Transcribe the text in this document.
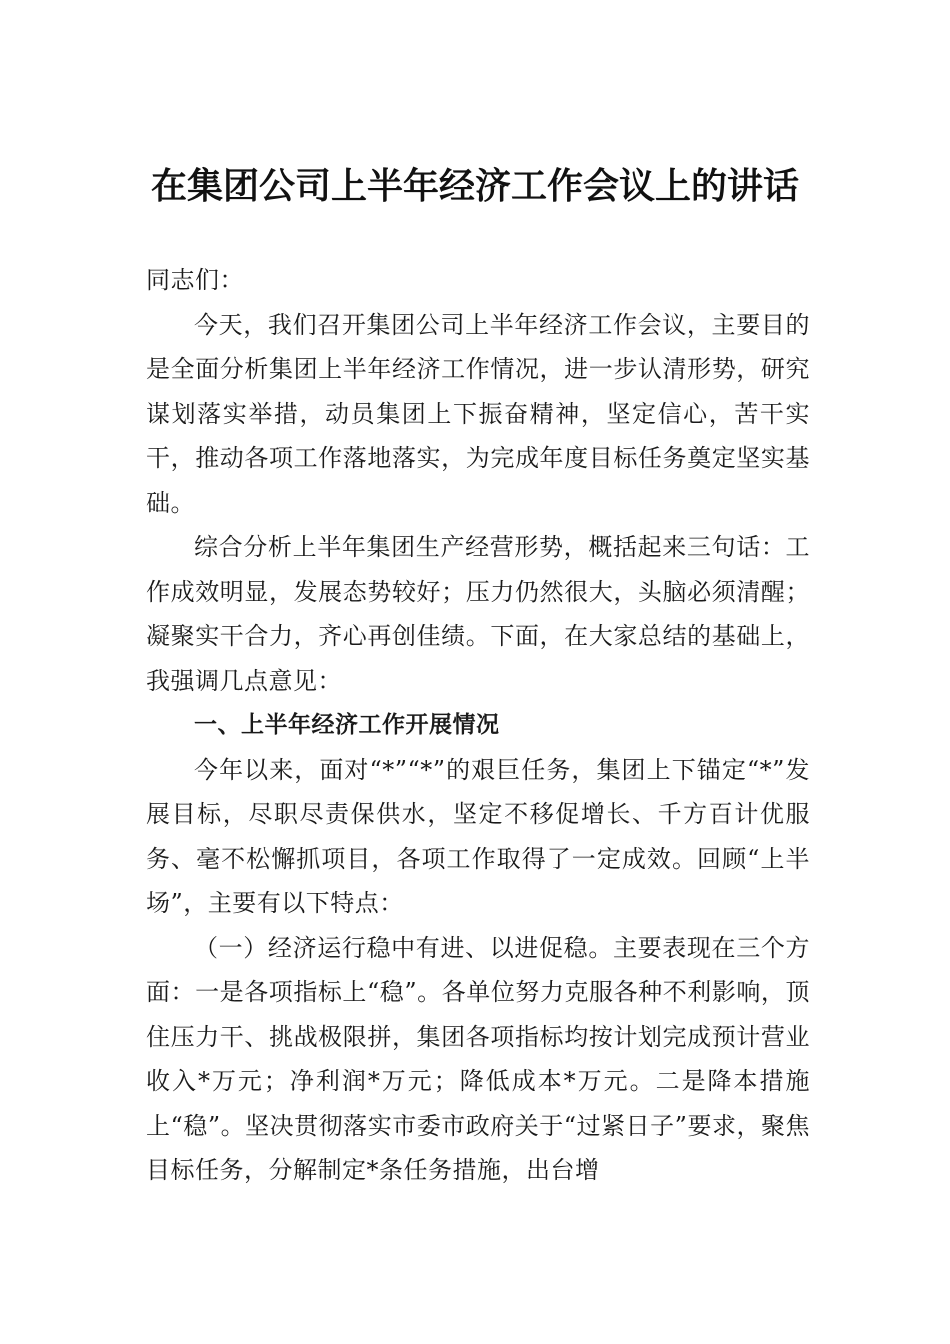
在集团公司上半年经济工作会议上的讲话

同志们：

今天，我们召开集团公司上半年经济工作会议，主要目的是全面分析集团上半年经济工作情况，进一步认清形势，研究谋划落实举措，动员集团上下振奋精神，坚定信心，苦干实干，推动各项工作落地落实，为完成年度目标任务奠定坚实基础。

综合分析上半年集团生产经营形势，概括起来三句话：工作成效明显，发展态势较好；压力仍然很大，头脑必须清醒；凝聚实干合力，齐心再创佳绩。下面，在大家总结的基础上，我强调几点意见：

一、上半年经济工作开展情况

今年以来，面对“*”“*”的艰巨任务，集团上下锚定“*”发展目标，尽职尽责保供水，坚定不移促增长、千方百计优服务、毫不松懈抓项目，各项工作取得了一定成效。回顾“上半场”，主要有以下特点：

（一）经济运行稳中有进、以进促稳。主要表现在三个方面：一是各项指标上“稳”。各单位努力克服各种不利影响，顶住压力干、挑战极限拼，集团各项指标均按计划完成预计营业收入*万元；净利润*万元；降低成本*万元。二是降本措施上“稳”。坚决贯彻落实市委市政府关于“过紧日子”要求，聚焦目标任务，分解制定*条任务措施，出台增
